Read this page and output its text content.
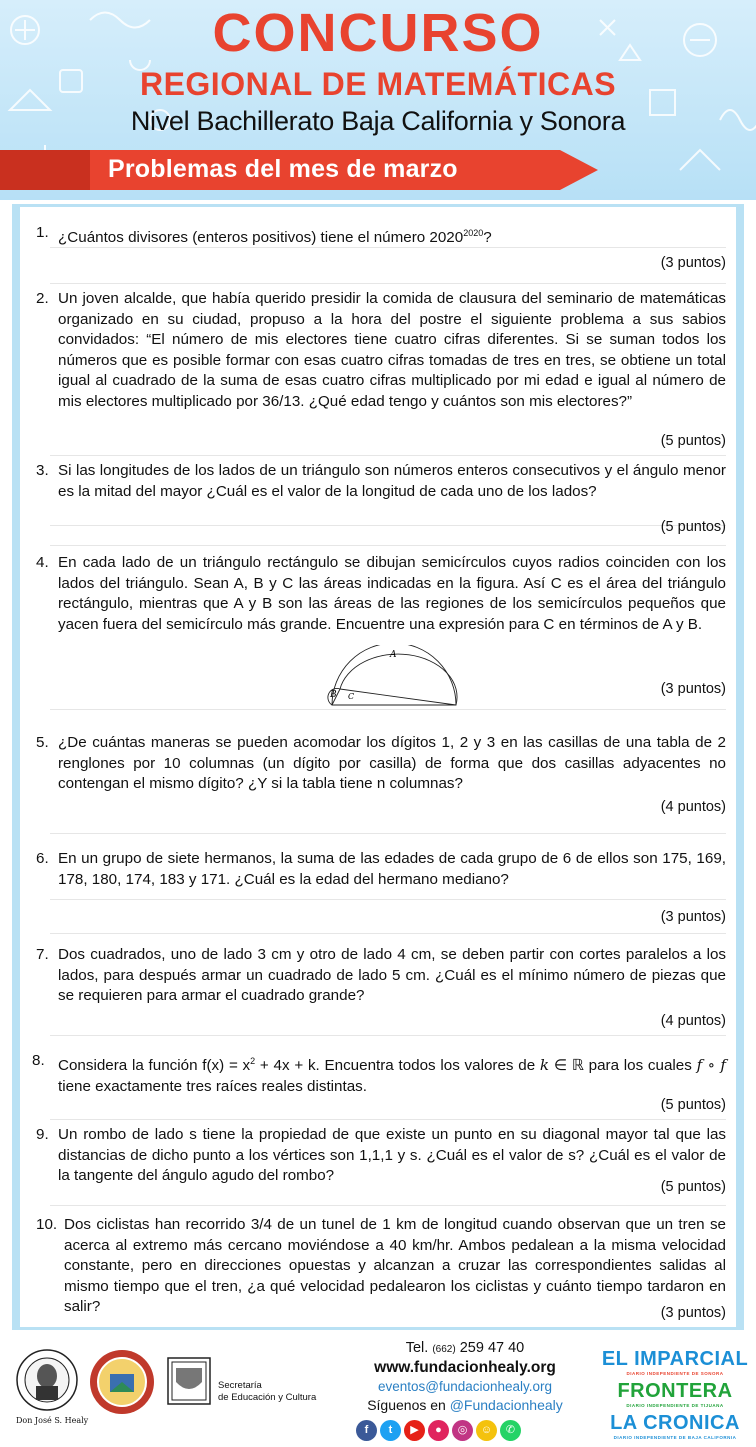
CONCURSO
REGIONAL DE MATEMÁTICAS
Nivel Bachillerato Baja California y Sonora
Problemas del mes de marzo
1. ¿Cuántos divisores (enteros positivos) tiene el número $2020^{2020}$?
(3 puntos)
2. Un joven alcalde, que había querido presidir la comida de clausura del seminario de matemáticas organizado en su ciudad, propuso a la hora del postre el siguiente problema a sus sabios convidados: “El número de mis electores tiene cuatro cifras diferentes. Si se suman todos los números que es posible formar con esas cuatro cifras tomadas de tres en tres, se obtiene un total igual al cuadrado de la suma de esas cuatro cifras multiplicado por mi edad e igual al número de mis electores multiplicado por 36/13. ¿Qué edad tengo y cuántos son mis electores?”
(5 puntos)
3. Si las longitudes de los lados de un triángulo son números enteros consecutivos y el ángulo menor es la mitad del mayor ¿Cuál es el valor de la longitud de cada uno de los lados?
(5 puntos)
4. En cada lado de un triángulo rectángulo se dibujan semicírculos cuyos radios coinciden con los lados del triángulo. Sean A, B y C las áreas indicadas en la figura. Así C es el área del triángulo rectángulo, mientras que A y B son las áreas de las regiones de los semicírculos pequeños que yacen fuera del semicírculo más grande. Encuentre una expresión para C en términos de A y B.
A
B C	(3 puntos)
5. ¿De cuántas maneras se pueden acomodar los dígitos 1, 2 y 3 en las casillas de una tabla de 2 renglones por 10 columnas (un dígito por casilla) de forma que dos casillas adyacentes no contengan el mismo dígito? ¿Y si la tabla tiene n columnas?
(4 puntos)
6. En un grupo de siete hermanos, la suma de las edades de cada grupo de 6 de ellos son 175, 169, 178, 180, 174, 183 y 171. ¿Cuál es la edad del hermano mediano?
(3 puntos)
7. Dos cuadrados, uno de lado 3 cm y otro de lado 4 cm, se deben partir con cortes paralelos a los lados, para después armar un cuadrado de lado 5 cm. ¿Cuál es el mínimo número de piezas que se requieren para armar el cuadrado grande?
(4 puntos)
8. Considera la función $f(x) = x^2 + 4x + k$. Encuentra todos los valores de k ∈ ℝ para los cuales f ∘ f tiene exactamente tres raíces reales distintas.
(5 puntos)
9. Un rombo de lado s tiene la propiedad de que existe un punto en su diagonal mayor tal que las distancias de dicho punto a los vértices son 1,1,1 y s. ¿Cuál es el valor de s? ¿Cuál es el valor de la tangente del ángulo agudo del rombo?
(5 puntos)
10. Dos ciclistas han recorrido 3/4 de un tunel de 1 km de longitud cuando observan que un tren se acerca al extremo más cercano moviéndose a 40 km/hr. Ambos pedalean a la misma velocidad constante, pero en direcciones opuestas y alcanzan a cruzar las correspondientes salidas al mismo tiempo que el tren, ¿a qué velocidad pedalearon los ciclistas y cuánto tiempo tardaron en salir?	(3 puntos)
Don José S. Healy
Secretaría
de Educación y Cultura
Tel. (662) 259 47 40
www.fundacionhealy.org
eventos@fundacionhealy.org
Síguenos en @Fundacionhealy
f t ▶ ● ◎ ☺ ✆
EL IMPARCIAL
DIARIO INDEPENDIENTE DE SONORA
FRONTERA
DIARIO INDEPENDIENTE DE TIJUANA
LA CRONICA
DIARIO INDEPENDIENTE DE BAJA CALIFORNIA
